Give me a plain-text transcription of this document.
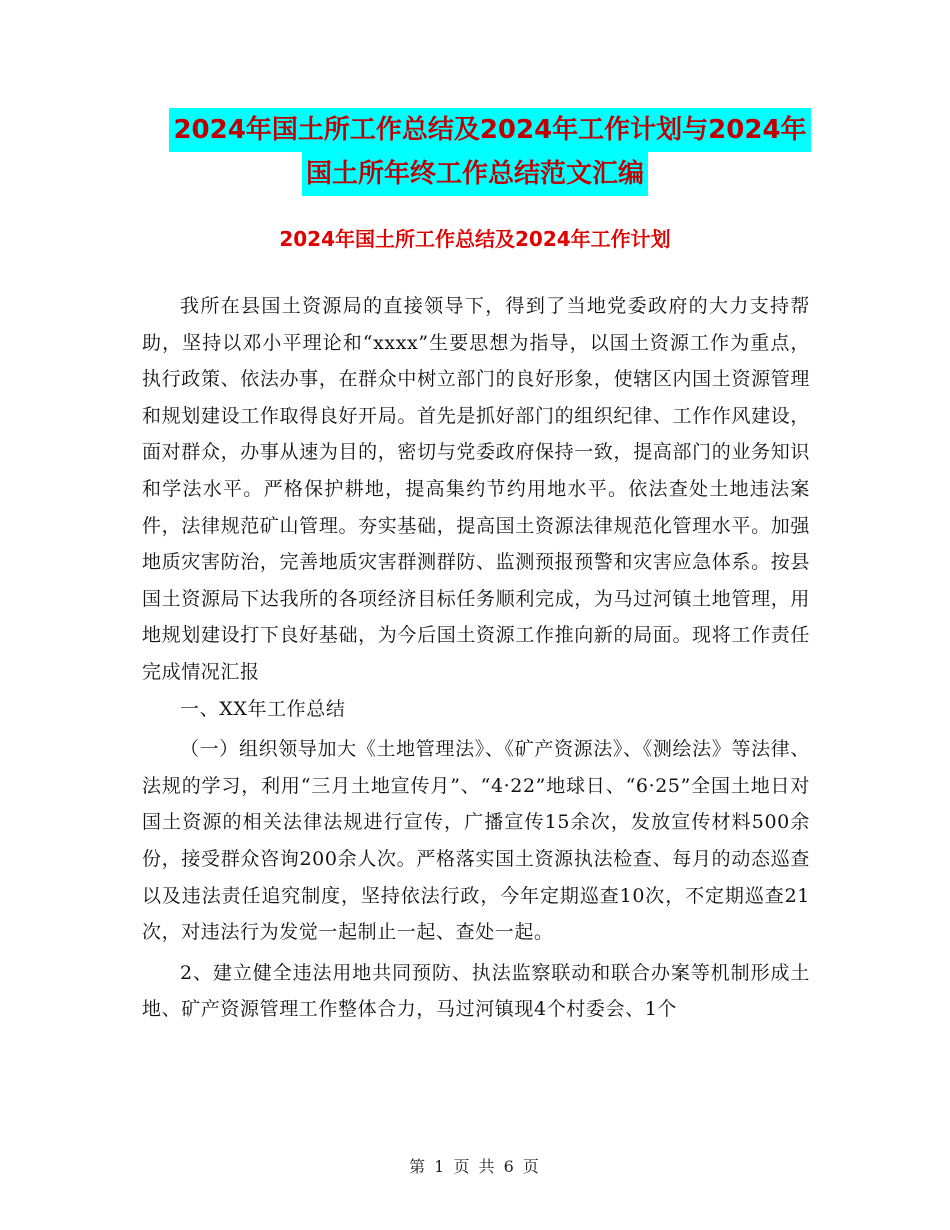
2024年国土所工作总结及2024年工作计划与2024年
国土所年终工作总结范文汇编
2024年国土所工作总结及2024年工作计划

我所在县国土资源局的直接领导下，得到了当地党委政府的大力支持帮助，坚持以邓小平理论和“xxxx”生要思想为指导，以国土资源工作为重点，执行政策、依法办事，在群众中树立部门的良好形象，使辖区内国土资源管理和规划建设工作取得良好开局。首先是抓好部门的组织纪律、工作作风建设，面对群众，办事从速为目的，密切与党委政府保持一致，提高部门的业务知识和学法水平。严格保护耕地，提高集约节约用地水平。依法查处土地违法案件，法律规范矿山管理。夯实基础，提高国土资源法律规范化管理水平。加强地质灾害防治，完善地质灾害群测群防、监测预报预警和灾害应急体系。按县国土资源局下达我所的各项经济目标任务顺利完成，为马过河镇土地管理，用地规划建设打下良好基础，为今后国土资源工作推向新的局面。现将工作责任完成情况汇报

一、XX年工作总结

（一）组织领导加大《土地管理法》、《矿产资源法》、《测绘法》等法律、法规的学习，利用“三月土地宣传月”、“4·22”地球日、“6·25”全国土地日对国土资源的相关法律法规进行宣传，广播宣传15余次，发放宣传材料500余份，接受群众咨询200余人次。严格落实国土资源执法检查、每月的动态巡查以及违法责任追究制度，坚持依法行政，今年定期巡查10次，不定期巡查21次，对违法行为发觉一起制止一起、查处一起。

2、建立健全违法用地共同预防、执法监察联动和联合办案等机制形成土地、矿产资源管理工作整体合力，马过河镇现4个村委会、1个

第 1 页 共 6 页
